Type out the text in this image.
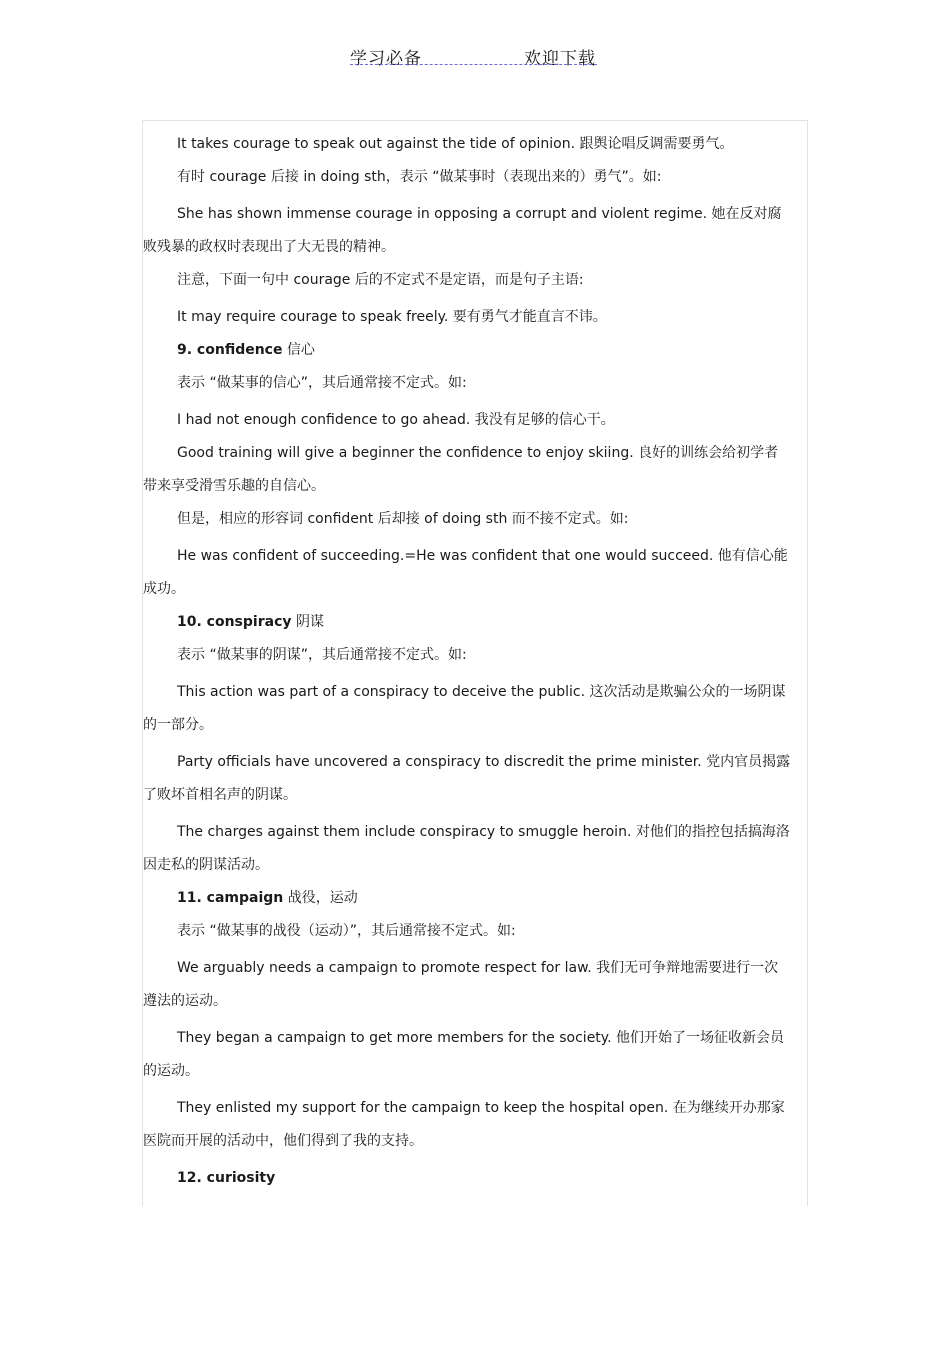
学习必备	欢迎下载

It takes courage to speak out against the tide of opinion. 跟舆论唱反调需要勇气。

有时 courage 后接 in doing sth，表示 “做某事时（表现出来的）勇气”。如:

She has shown immense courage in opposing a corrupt and violent regime. 她在反对腐败残暴的政权时表现出了大无畏的精神。

注意，下面一句中 courage 后的不定式不是定语，而是句子主语:

It may require courage to speak freely. 要有勇气才能直言不讳。

9. confidence 信心

表示 “做某事的信心”，其后通常接不定式。如:

I had not enough confidence to go ahead. 我没有足够的信心干。

Good training will give a beginner the confidence to enjoy skiing. 良好的训练会给初学者带来享受滑雪乐趣的自信心。

但是，相应的形容词 confident 后却接 of doing sth 而不接不定式。如:

He was confident of succeeding.=He was confident that one would succeed. 他有信心能成功。

10. conspiracy 阴谋

表示 “做某事的阴谋”，其后通常接不定式。如:

This action was part of a conspiracy to deceive the public. 这次活动是欺骗公众的一场阴谋的一部分。

Party officials have uncovered a conspiracy to discredit the prime minister. 党内官员揭露了败坏首相名声的阴谋。

The charges against them include conspiracy to smuggle heroin. 对他们的指控包括搞海洛因走私的阴谋活动。

11. campaign 战役，运动

表示 “做某事的战役（运动）”，其后通常接不定式。如:

We arguably needs a campaign to promote respect for law. 我们无可争辩地需要进行一次遵法的运动。

They began a campaign to get more members for the society. 他们开始了一场征收新会员的运动。

They enlisted my support for the campaign to keep the hospital open. 在为继续开办那家医院而开展的活动中，他们得到了我的支持。

12. curiosity
